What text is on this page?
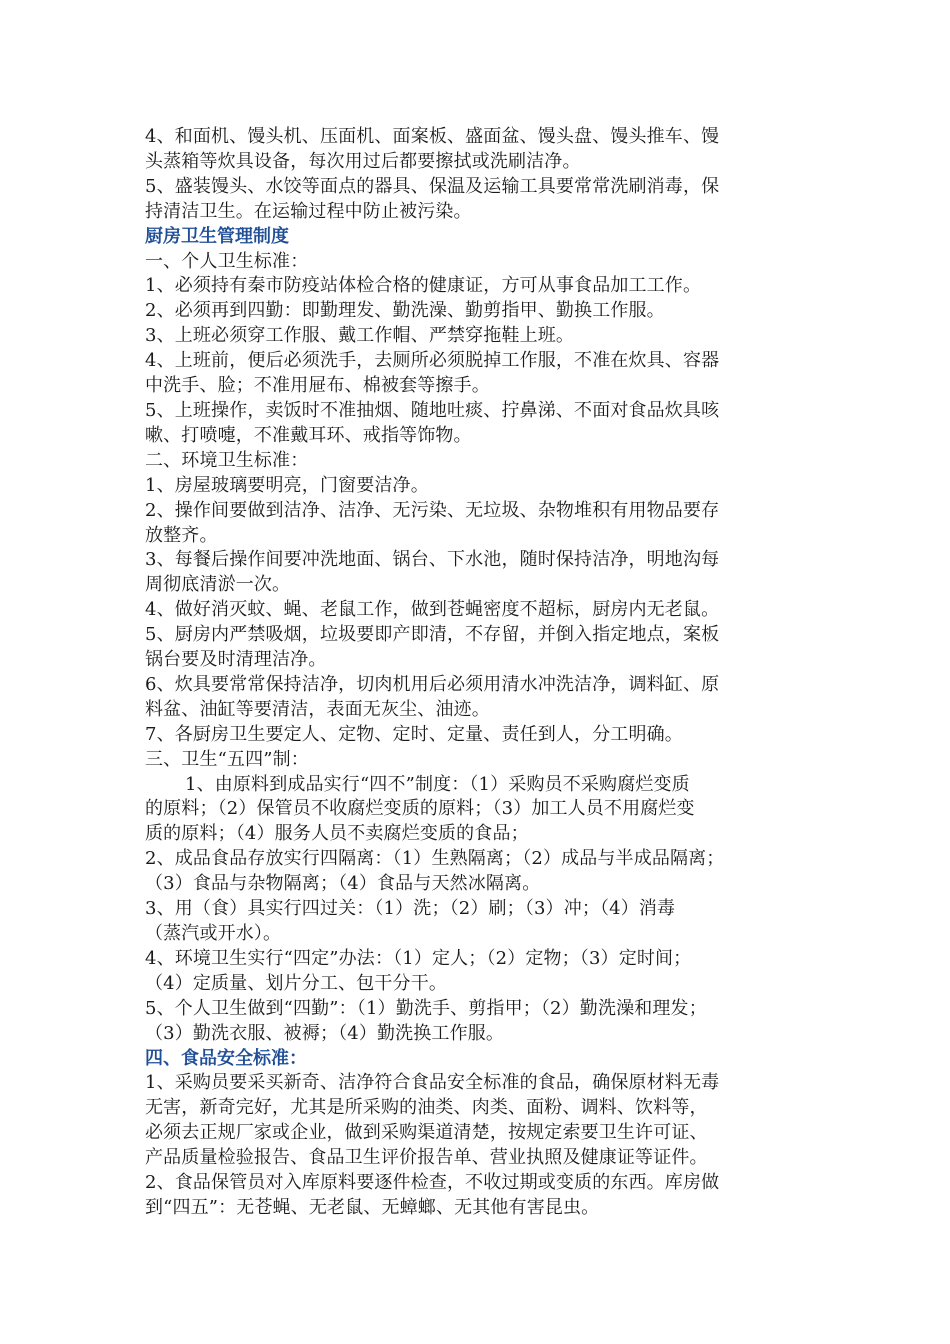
4、和面机、馒头机、压面机、面案板、盛面盆、馒头盘、馒头推车、馒
头蒸箱等炊具设备，每次用过后都要擦拭或洗刷洁净。
5、盛装馒头、水饺等面点的器具、保温及运输工具要常常洗刷消毒，保
持清洁卫生。在运输过程中防止被污染。
厨房卫生管理制度
一、个人卫生标准：
1、必须持有秦市防疫站体检合格的健康证，方可从事食品加工工作。
2、必须再到四勤：即勤理发、勤洗澡、勤剪指甲、勤换工作服。
3、上班必须穿工作服、戴工作帽、严禁穿拖鞋上班。
4、上班前，便后必须洗手，去厕所必须脱掉工作服，不准在炊具、容器
中洗手、脸；不准用屉布、棉被套等擦手。
5、上班操作，卖饭时不准抽烟、随地吐痰、拧鼻涕、不面对食品炊具咳
嗽、打喷嚏，不准戴耳环、戒指等饰物。
二、环境卫生标准：
1、房屋玻璃要明亮，门窗要洁净。
2、操作间要做到洁净、洁净、无污染、无垃圾、杂物堆积有用物品要存
放整齐。
3、每餐后操作间要冲洗地面、锅台、下水池，随时保持洁净，明地沟每
周彻底清淤一次。
4、做好消灭蚊、蝇、老鼠工作，做到苍蝇密度不超标，厨房内无老鼠。
5、厨房内严禁吸烟，垃圾要即产即清，不存留，并倒入指定地点，案板
锅台要及时清理洁净。
6、炊具要常常保持洁净，切肉机用后必须用清水冲洗洁净，调料缸、原
料盆、油缸等要清洁，表面无灰尘、油迹。
7、各厨房卫生要定人、定物、定时、定量、责任到人，分工明确。
三、卫生“五四”制：
1、由原料到成品实行“四不”制度：（1）采购员不采购腐烂变质
的原料；（2）保管员不收腐烂变质的原料；（3）加工人员不用腐烂变
质的原料；（4）服务人员不卖腐烂变质的食品；
2、成品食品存放实行四隔离：（1）生熟隔离；（2）成品与半成品隔离；
（3）食品与杂物隔离；（4）食品与天然冰隔离。
3、用（食）具实行四过关：（1）洗；（2）刷；（3）冲；（4）消毒
（蒸汽或开水）。
4、环境卫生实行“四定”办法：（1）定人；（2）定物；（3）定时间；
（4）定质量、划片分工、包干分干。
5、个人卫生做到“四勤”：（1）勤洗手、剪指甲；（2）勤洗澡和理发；
（3）勤洗衣服、被褥；（4）勤洗换工作服。
四、食品安全标准：
1、采购员要采买新奇、洁净符合食品安全标准的食品，确保原材料无毒
无害，新奇完好，尤其是所采购的油类、肉类、面粉、调料、饮料等，
必须去正规厂家或企业，做到采购渠道清楚，按规定索要卫生许可证、
产品质量检验报告、食品卫生评价报告单、营业执照及健康证等证件。
2、食品保管员对入库原料要逐件检查，不收过期或变质的东西。库房做
到“四五”：无苍蝇、无老鼠、无蟑螂、无其他有害昆虫。
